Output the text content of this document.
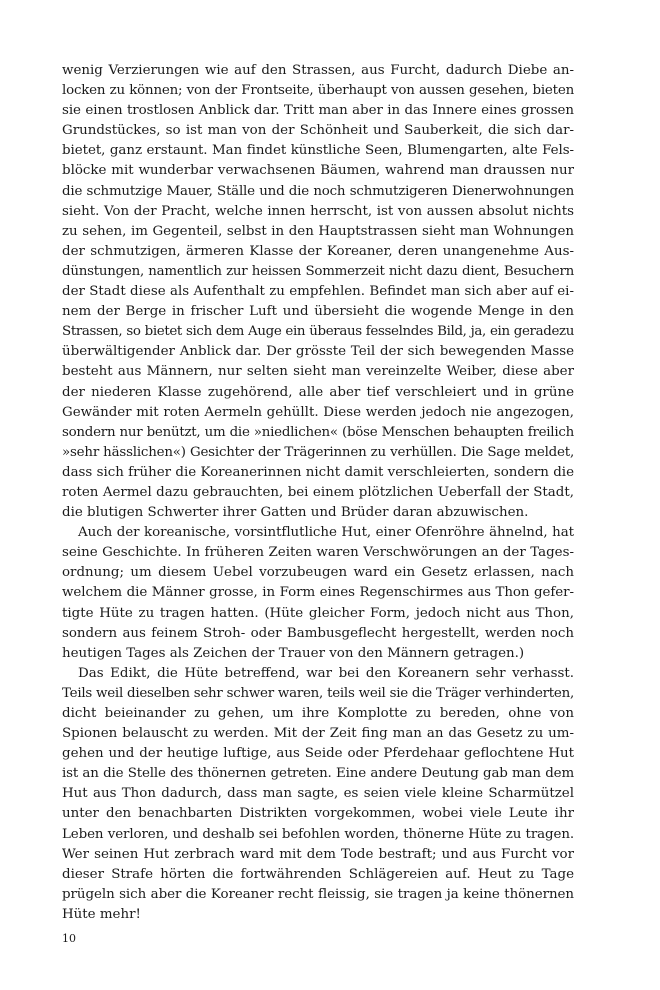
wenig Verzierungen wie auf den Strassen, aus Furcht, dadurch Diebe an-
locken zu können; von der Frontseite, überhaupt von aussen gesehen, bieten
sie einen trostlosen Anblick dar. Tritt man aber in das Innere eines grossen
Grundstückes, so ist man von der Schönheit und Sauberkeit, die sich dar-
bietet, ganz erstaunt. Man findet künstliche Seen, Blumengarten, alte Fels-
blöcke mit wunderbar verwachsenen Bäumen, wahrend man draussen nur
die schmutzige Mauer, Ställe und die noch schmutzigeren Dienerwohnungen
sieht. Von der Pracht, welche innen herrscht, ist von aussen absolut nichts
zu sehen, im Gegenteil, selbst in den Hauptstrassen sieht man Wohnungen
der schmutzigen, ärmeren Klasse der Koreaner, deren unangenehme Aus-
dünstungen, namentlich zur heissen Sommerzeit nicht dazu dient, Besuchern
der Stadt diese als Aufenthalt zu empfehlen. Befindet man sich aber auf ei-
nem der Berge in frischer Luft und übersieht die wogende Menge in den
Strassen, so bietet sich dem Auge ein überaus fesselndes Bild, ja, ein geradezu
überwältigender Anblick dar. Der grösste Teil der sich bewegenden Masse
besteht aus Männern, nur selten sieht man vereinzelte Weiber, diese aber
der niederen Klasse zugehörend, alle aber tief verschleiert und in grüne
Gewänder mit roten Aermeln gehüllt. Diese werden jedoch nie angezogen,
sondern nur benützt, um die »niedlichen« (böse Menschen behaupten freilich
»sehr hässlichen«) Gesichter der Trägerinnen zu verhüllen. Die Sage meldet,
dass sich früher die Koreanerinnen nicht damit verschleierten, sondern die
roten Aermel dazu gebrauchten, bei einem plötzlichen Ueberfall der Stadt,
die blutigen Schwerter ihrer Gatten und Brüder daran abzuwischen.
Auch der koreanische, vorsintflutliche Hut, einer Ofenröhre ähnelnd, hat
seine Geschichte. In früheren Zeiten waren Verschwörungen an der Tages-
ordnung; um diesem Uebel vorzubeugen ward ein Gesetz erlassen, nach
welchem die Männer grosse, in Form eines Regenschirmes aus Thon gefer-
tigte Hüte zu tragen hatten. (Hüte gleicher Form, jedoch nicht aus Thon,
sondern aus feinem Stroh- oder Bambusgeflecht hergestellt, werden noch
heutigen Tages als Zeichen der Trauer von den Männern getragen.)
Das Edikt, die Hüte betreffend, war bei den Koreanern sehr verhasst.
Teils weil dieselben sehr schwer waren, teils weil sie die Träger verhinderten,
dicht beieinander zu gehen, um ihre Komplotte zu bereden, ohne von
Spionen belauscht zu werden. Mit der Zeit fing man an das Gesetz zu um-
gehen und der heutige luftige, aus Seide oder Pferdehaar geflochtene Hut
ist an die Stelle des thönernen getreten. Eine andere Deutung gab man dem
Hut aus Thon dadurch, dass man sagte, es seien viele kleine Scharmützel
unter den benachbarten Distrikten vorgekommen, wobei viele Leute ihr
Leben verloren, und deshalb sei befohlen worden, thönerne Hüte zu tragen.
Wer seinen Hut zerbrach ward mit dem Tode bestraft; und aus Furcht vor
dieser Strafe hörten die fortwährenden Schlägereien auf. Heut zu Tage
prügeln sich aber die Koreaner recht fleissig, sie tragen ja keine thönernen
Hüte mehr!
10
